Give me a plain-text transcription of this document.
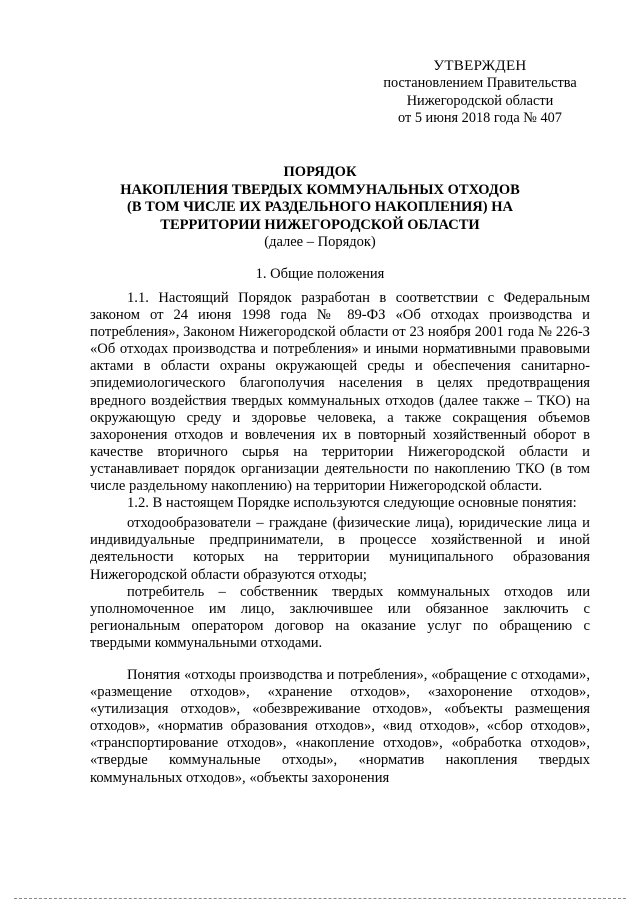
УТВЕРЖДЕН
постановлением Правительства
Нижегородской области
от 5 июня 2018 года № 407
ПОРЯДОК
НАКОПЛЕНИЯ ТВЕРДЫХ КОММУНАЛЬНЫХ ОТХОДОВ
(В ТОМ ЧИСЛЕ ИХ РАЗДЕЛЬНОГО НАКОПЛЕНИЯ) НА
ТЕРРИТОРИИ НИЖЕГОРОДСКОЙ ОБЛАСТИ
(далее – Порядок)
1. Общие положения

1.1. Настоящий Порядок разработан в соответствии с Федеральным законом от 24 июня 1998 года № 89-ФЗ «Об отходах производства и потребления», Законом Нижегородской области от 23 ноября 2001 года № 226-З «Об отходах производства и потребления» и иными нормативными правовыми актами в области охраны окружающей среды и обеспечения санитарно-эпидемиологического благополучия населения в целях предотвращения вредного воздействия твердых коммунальных отходов (далее также – ТКО) на окружающую среду и здоровье человека, а также сокращения объемов захоронения отходов и вовлечения их в повторный хозяйственный оборот в качестве вторичного сырья на территории Нижегородской области и устанавливает порядок организации деятельности по накоплению ТКО (в том числе раздельному накоплению) на территории Нижегородской области.

1.2. В настоящем Порядке используются следующие основные понятия:

отходообразователи – граждане (физические лица), юридические лица и индивидуальные предприниматели, в процессе хозяйственной и иной деятельности которых на территории муниципального образования Нижегородской области образуются отходы;

потребитель – собственник твердых коммунальных отходов или уполномоченное им лицо, заключившее или обязанное заключить с региональным оператором договор на оказание услуг по обращению с твердыми коммунальными отходами.

Понятия «отходы производства и потребления», «обращение с отходами», «размещение отходов», «хранение отходов», «захоронение отходов», «утилизация отходов», «обезвреживание отходов», «объекты размещения отходов», «норматив образования отходов», «вид отходов», «сбор отходов», «транспортирование отходов», «накопление отходов», «обработка отходов», «твердые коммунальные отходы», «норматив накопления твердых коммунальных отходов», «объекты захоронения
